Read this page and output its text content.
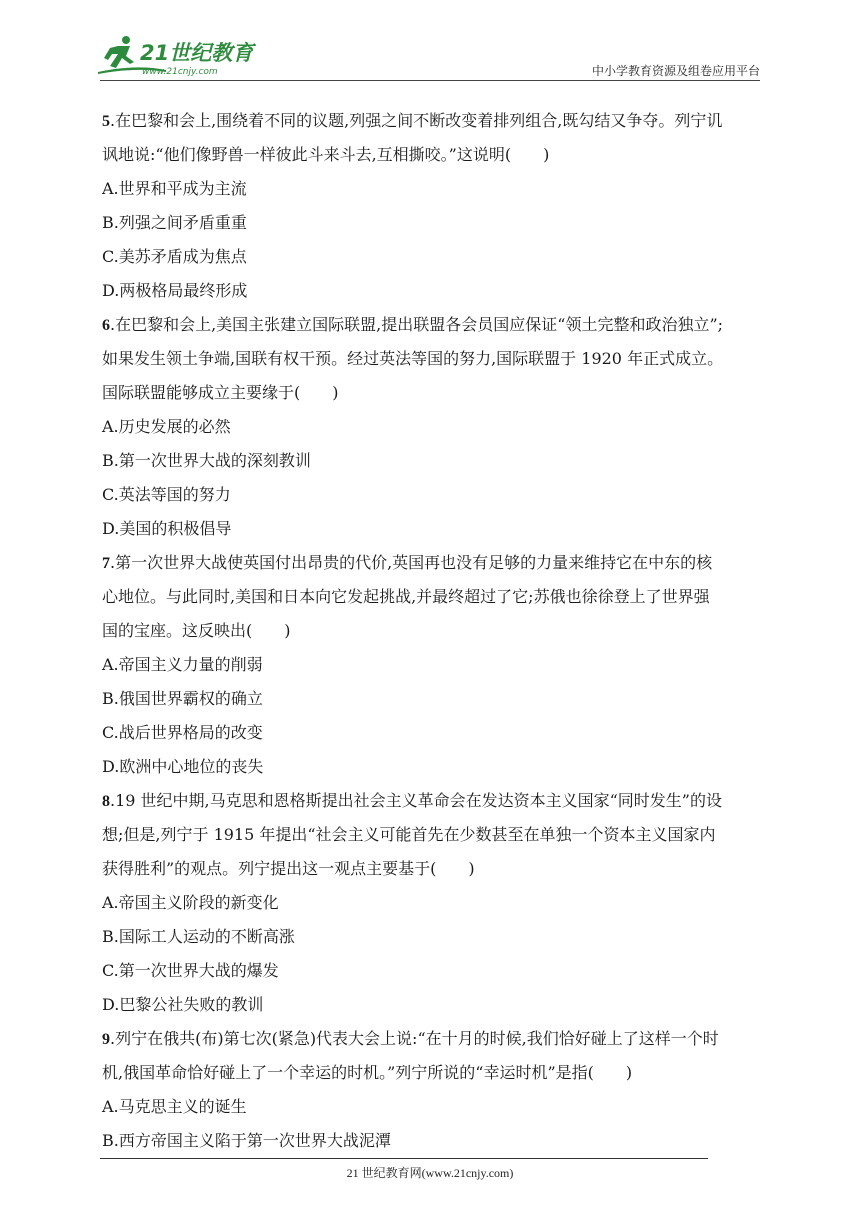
21世纪教育
www.21cnjy.com	中小学教育资源及组卷应用平台
5.在巴黎和会上,围绕着不同的议题,列强之间不断改变着排列组合,既勾结又争夺。列宁讥
讽地说:“他们像野兽一样彼此斗来斗去,互相撕咬。”这说明(　　)
A.世界和平成为主流
B.列强之间矛盾重重
C.美苏矛盾成为焦点
D.两极格局最终形成
6.在巴黎和会上,美国主张建立国际联盟,提出联盟各会员国应保证“领土完整和政治独立”;
如果发生领土争端,国联有权干预。经过英法等国的努力,国际联盟于 1920 年正式成立。
国际联盟能够成立主要缘于(　　)
A.历史发展的必然
B.第一次世界大战的深刻教训
C.英法等国的努力
D.美国的积极倡导
7.第一次世界大战使英国付出昂贵的代价,英国再也没有足够的力量来维持它在中东的核
心地位。与此同时,美国和日本向它发起挑战,并最终超过了它;苏俄也徐徐登上了世界强
国的宝座。这反映出(　　)
A.帝国主义力量的削弱
B.俄国世界霸权的确立
C.战后世界格局的改变
D.欧洲中心地位的丧失
8.19 世纪中期,马克思和恩格斯提出社会主义革命会在发达资本主义国家“同时发生”的设
想;但是,列宁于 1915 年提出“社会主义可能首先在少数甚至在单独一个资本主义国家内
获得胜利”的观点。列宁提出这一观点主要基于(　　)
A.帝国主义阶段的新变化
B.国际工人运动的不断高涨
C.第一次世界大战的爆发
D.巴黎公社失败的教训
9.列宁在俄共(布)第七次(紧急)代表大会上说:“在十月的时候,我们恰好碰上了这样一个时
机,俄国革命恰好碰上了一个幸运的时机。”列宁所说的“幸运时机”是指(　　)
A.马克思主义的诞生
B.西方帝国主义陷于第一次世界大战泥潭
21 世纪教育网(www.21cnjy.com)
